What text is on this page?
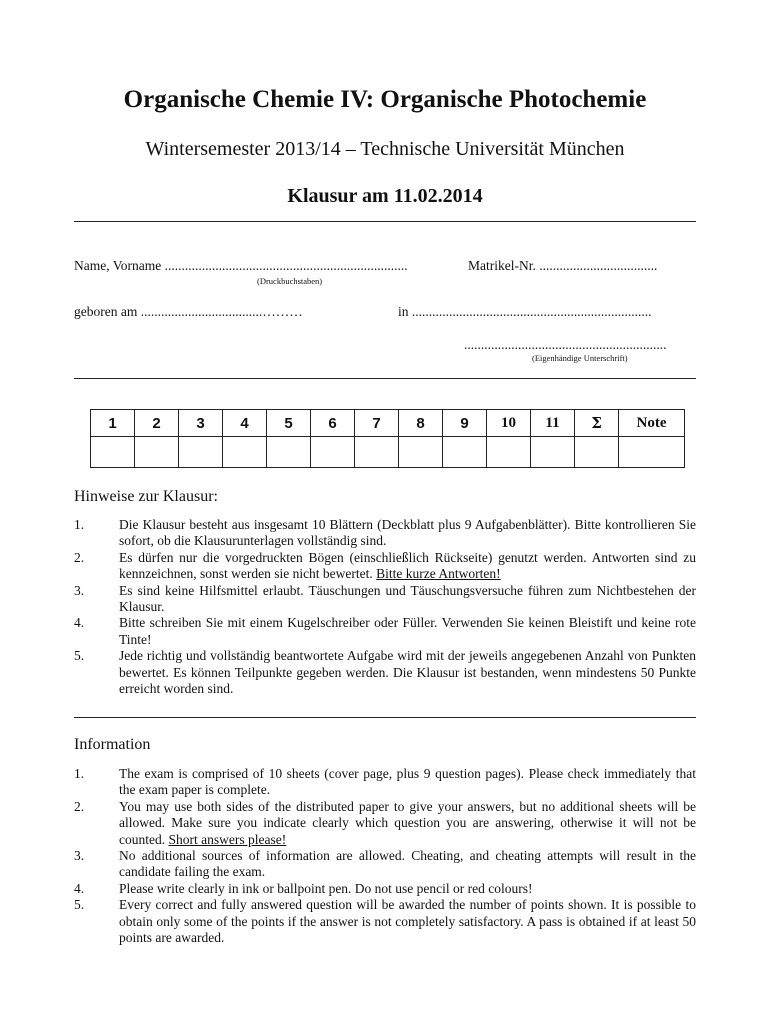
Organische Chemie IV: Organische Photochemie
Wintersemester 2013/14 – Technische Universität München
Klausur am 11.02.2014
Name, Vorname ........................................................................	Matrikel-Nr. ...................................
(Druckbuchstaben)
geboren am ....................................………	in .......................................................................
............................................................
(Eigenhändige Unterschrift)
1	2	3	4	5	6	7	8	9	10	11	Σ	Note

Hinweise zur Klausur:
1.	Die Klausur besteht aus insgesamt 10 Blättern (Deckblatt plus 9 Aufgabenblätter). Bitte kontrollieren Sie sofort, ob die Klausurunterlagen vollständig sind.
2.	Es dürfen nur die vorgedruckten Bögen (einschließlich Rückseite) genutzt werden. Antworten sind zu kennzeichnen, sonst werden sie nicht bewertet. Bitte kurze Antworten!
3.	Es sind keine Hilfsmittel erlaubt. Täuschungen und Täuschungsversuche führen zum Nichtbestehen der Klausur.
4.	Bitte schreiben Sie mit einem Kugelschreiber oder Füller. Verwenden Sie keinen Bleistift und keine rote Tinte!
5.	Jede richtig und vollständig beantwortete Aufgabe wird mit der jeweils angegebenen Anzahl von Punkten bewertet. Es können Teilpunkte gegeben werden. Die Klausur ist bestanden, wenn mindestens 50 Punkte erreicht worden sind.
Information
1.	The exam is comprised of 10 sheets (cover page, plus 9 question pages). Please check immediately that the exam paper is complete.
2.	You may use both sides of the distributed paper to give your answers, but no additional sheets will be allowed. Make sure you indicate clearly which question you are answering, otherwise it will not be counted. Short answers please!
3.	No additional sources of information are allowed. Cheating, and cheating attempts will result in the candidate failing the exam.
4.	Please write clearly in ink or ballpoint pen. Do not use pencil or red colours!
5.	Every correct and fully answered question will be awarded the number of points shown. It is possible to obtain only some of the points if the answer is not completely satisfactory. A pass is obtained if at least 50 points are awarded.
